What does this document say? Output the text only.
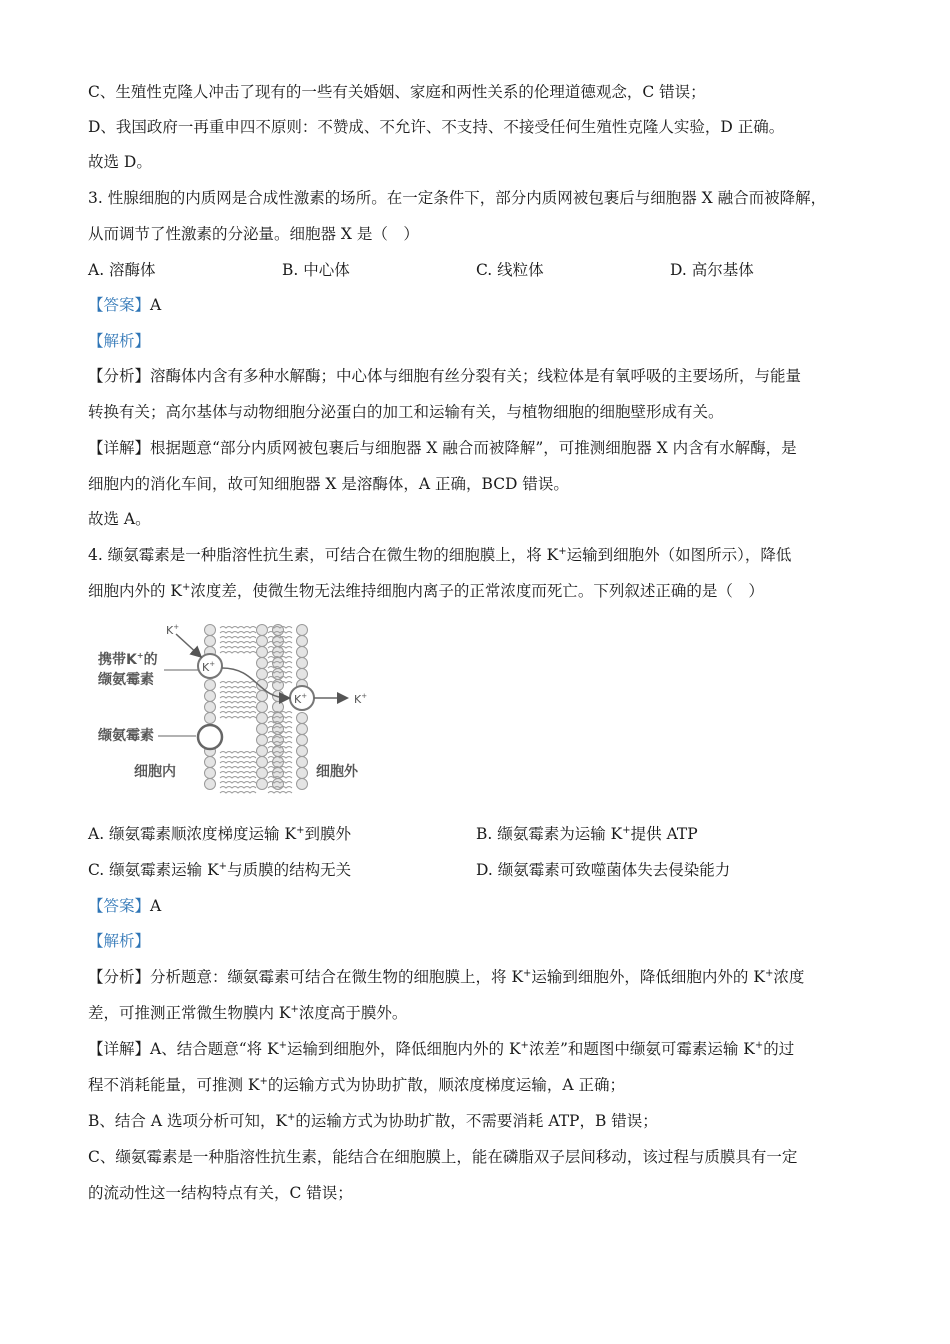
C、生殖性克隆人冲击了现有的一些有关婚姻、家庭和两性关系的伦理道德观念，C 错误；
D、我国政府一再重申四不原则：不赞成、不允许、不支持、不接受任何生殖性克隆人实验，D 正确。
故选 D。
3. 性腺细胞的内质网是合成性激素的场所。在一定条件下，部分内质网被包裹后与细胞器 X 融合而被降解，
从而调节了性激素的分泌量。细胞器 X 是（　）
A. 溶酶体	B. 中心体	C. 线粒体	D. 高尔基体
【答案】A
【解析】
【分析】溶酶体内含有多种水解酶；中心体与细胞有丝分裂有关；线粒体是有氧呼吸的主要场所，与能量
转换有关；高尔基体与动物细胞分泌蛋白的加工和运输有关，与植物细胞的细胞壁形成有关。
【详解】根据题意“部分内质网被包裹后与细胞器 X 融合而被降解”，可推测细胞器 X 内含有水解酶，是
细胞内的消化车间，故可知细胞器 X 是溶酶体，A 正确，BCD 错误。
故选 A。
4. 缬氨霉素是一种脂溶性抗生素，可结合在微生物的细胞膜上，将 K+运输到细胞外（如图所示），降低
细胞内外的 K+浓度差，使微生物无法维持细胞内离子的正常浓度而死亡。下列叙述正确的是（　）
K+
K+
K+
K+
携带K+的
缬氨霉素
缬氨霉素
细胞内	细胞外
A. 缬氨霉素顺浓度梯度运输 K+到膜外	B. 缬氨霉素为运输 K+提供 ATP
C. 缬氨霉素运输 K+与质膜的结构无关	D. 缬氨霉素可致噬菌体失去侵染能力
【答案】A
【解析】
【分析】分析题意：缬氨霉素可结合在微生物的细胞膜上，将 K+运输到细胞外，降低细胞内外的 K+浓度
差，可推测正常微生物膜内 K+浓度高于膜外。
【详解】A、结合题意“将 K+运输到细胞外，降低细胞内外的 K+浓差”和题图中缬氨可霉素运输 K+的过
程不消耗能量，可推测 K+的运输方式为协助扩散，顺浓度梯度运输，A 正确；
B、结合 A 选项分析可知，K+的运输方式为协助扩散，不需要消耗 ATP，B 错误；
C、缬氨霉素是一种脂溶性抗生素，能结合在细胞膜上，能在磷脂双子层间移动，该过程与质膜具有一定
的流动性这一结构特点有关，C 错误；
